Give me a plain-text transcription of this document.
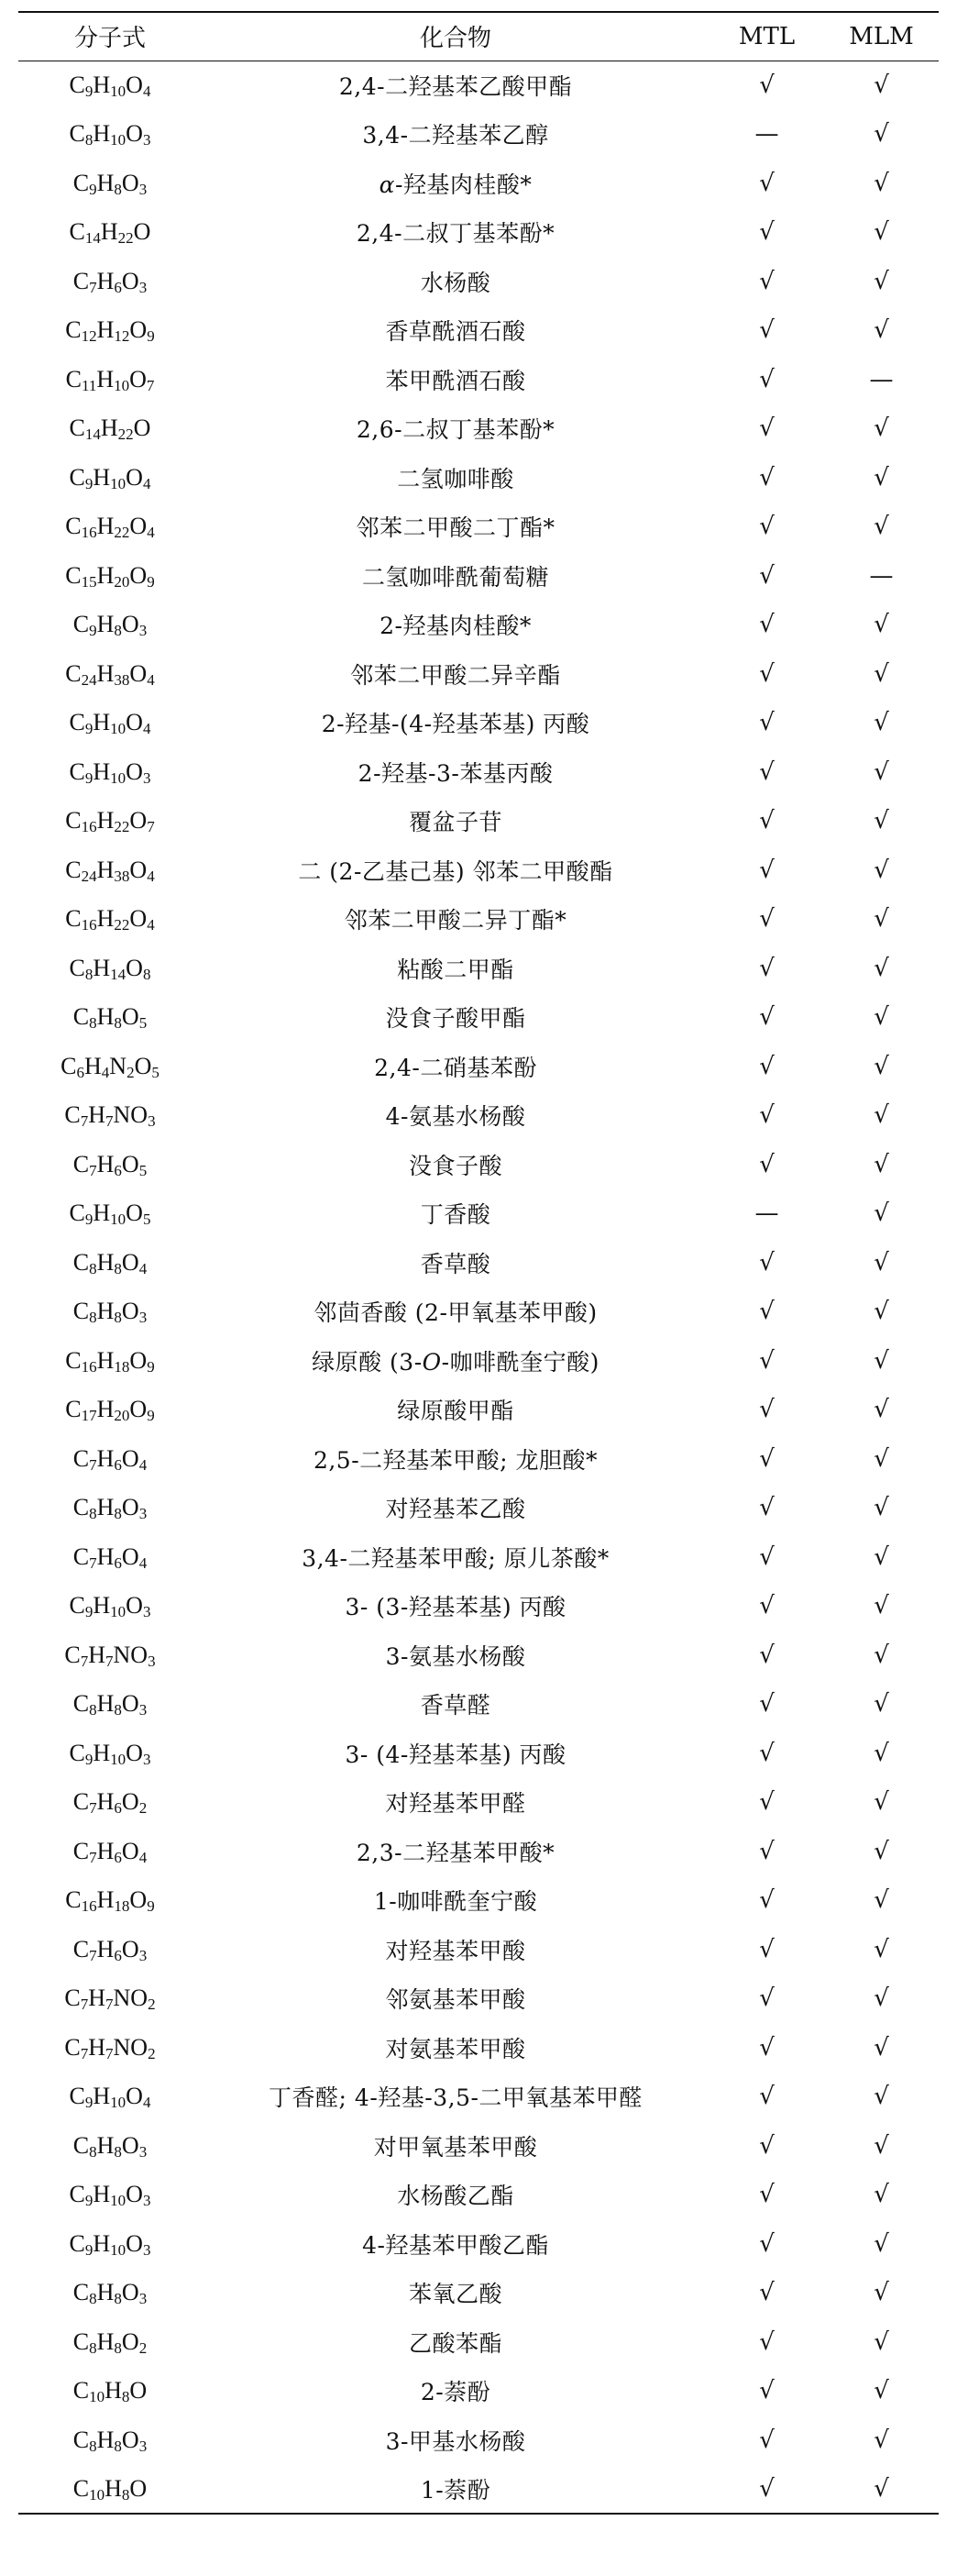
分子式	化合物	MTL	MLM
$C_9H_{10}O_4$	2,4-二羟基苯乙酸甲酯	√	√
$C_8H_{10}O_3$	3,4-二羟基苯乙醇	—	√
$C_9H_8O_3$	α-羟基肉桂酸*	√	√
$C_{14}H_{22}O$	2,4-二叔丁基苯酚*	√	√
$C_7H_6O_3$	水杨酸	√	√
$C_{12}H_{12}O_9$	香草酰酒石酸	√	√
$C_{11}H_{10}O_7$	苯甲酰酒石酸	√	—
$C_{14}H_{22}O$	2,6-二叔丁基苯酚*	√	√
$C_9H_{10}O_4$	二氢咖啡酸	√	√
$C_{16}H_{22}O_4$	邻苯二甲酸二丁酯*	√	√
$C_{15}H_{20}O_9$	二氢咖啡酰葡萄糖	√	—
$C_9H_8O_3$	2-羟基肉桂酸*	√	√
$C_{24}H_{38}O_4$	邻苯二甲酸二异辛酯	√	√
$C_9H_{10}O_4$	2-羟基-(4-羟基苯基) 丙酸	√	√
$C_9H_{10}O_3$	2-羟基-3-苯基丙酸	√	√
$C_{16}H_{22}O_7$	覆盆子苷	√	√
$C_{24}H_{38}O_4$	二 (2-乙基己基) 邻苯二甲酸酯	√	√
$C_{16}H_{22}O_4$	邻苯二甲酸二异丁酯*	√	√
$C_8H_{14}O_8$	粘酸二甲酯	√	√
$C_8H_8O_5$	没食子酸甲酯	√	√
$C_6H_4N_2O_5$	2,4-二硝基苯酚	√	√
$C_7H_7NO_3$	4-氨基水杨酸	√	√
$C_7H_6O_5$	没食子酸	√	√
$C_9H_{10}O_5$	丁香酸	—	√
$C_8H_8O_4$	香草酸	√	√
$C_8H_8O_3$	邻茴香酸 (2-甲氧基苯甲酸)	√	√
$C_{16}H_{18}O_9$	绿原酸 (3-O-咖啡酰奎宁酸)	√	√
$C_{17}H_{20}O_9$	绿原酸甲酯	√	√
$C_7H_6O_4$	2,5-二羟基苯甲酸; 龙胆酸*	√	√
$C_8H_8O_3$	对羟基苯乙酸	√	√
$C_7H_6O_4$	3,4-二羟基苯甲酸; 原儿茶酸*	√	√
$C_9H_{10}O_3$	3- (3-羟基苯基) 丙酸	√	√
$C_7H_7NO_3$	3-氨基水杨酸	√	√
$C_8H_8O_3$	香草醛	√	√
$C_9H_{10}O_3$	3- (4-羟基苯基) 丙酸	√	√
$C_7H_6O_2$	对羟基苯甲醛	√	√
$C_7H_6O_4$	2,3-二羟基苯甲酸*	√	√
$C_{16}H_{18}O_9$	1-咖啡酰奎宁酸	√	√
$C_7H_6O_3$	对羟基苯甲酸	√	√
$C_7H_7NO_2$	邻氨基苯甲酸	√	√
$C_7H_7NO_2$	对氨基苯甲酸	√	√
$C_9H_{10}O_4$	丁香醛; 4-羟基-3,5-二甲氧基苯甲醛	√	√
$C_8H_8O_3$	对甲氧基苯甲酸	√	√
$C_9H_{10}O_3$	水杨酸乙酯	√	√
$C_9H_{10}O_3$	4-羟基苯甲酸乙酯	√	√
$C_8H_8O_3$	苯氧乙酸	√	√
$C_8H_8O_2$	乙酸苯酯	√	√
$C_{10}H_8O$	2-萘酚	√	√
$C_8H_8O_3$	3-甲基水杨酸	√	√
$C_{10}H_8O$	1-萘酚	√	√
